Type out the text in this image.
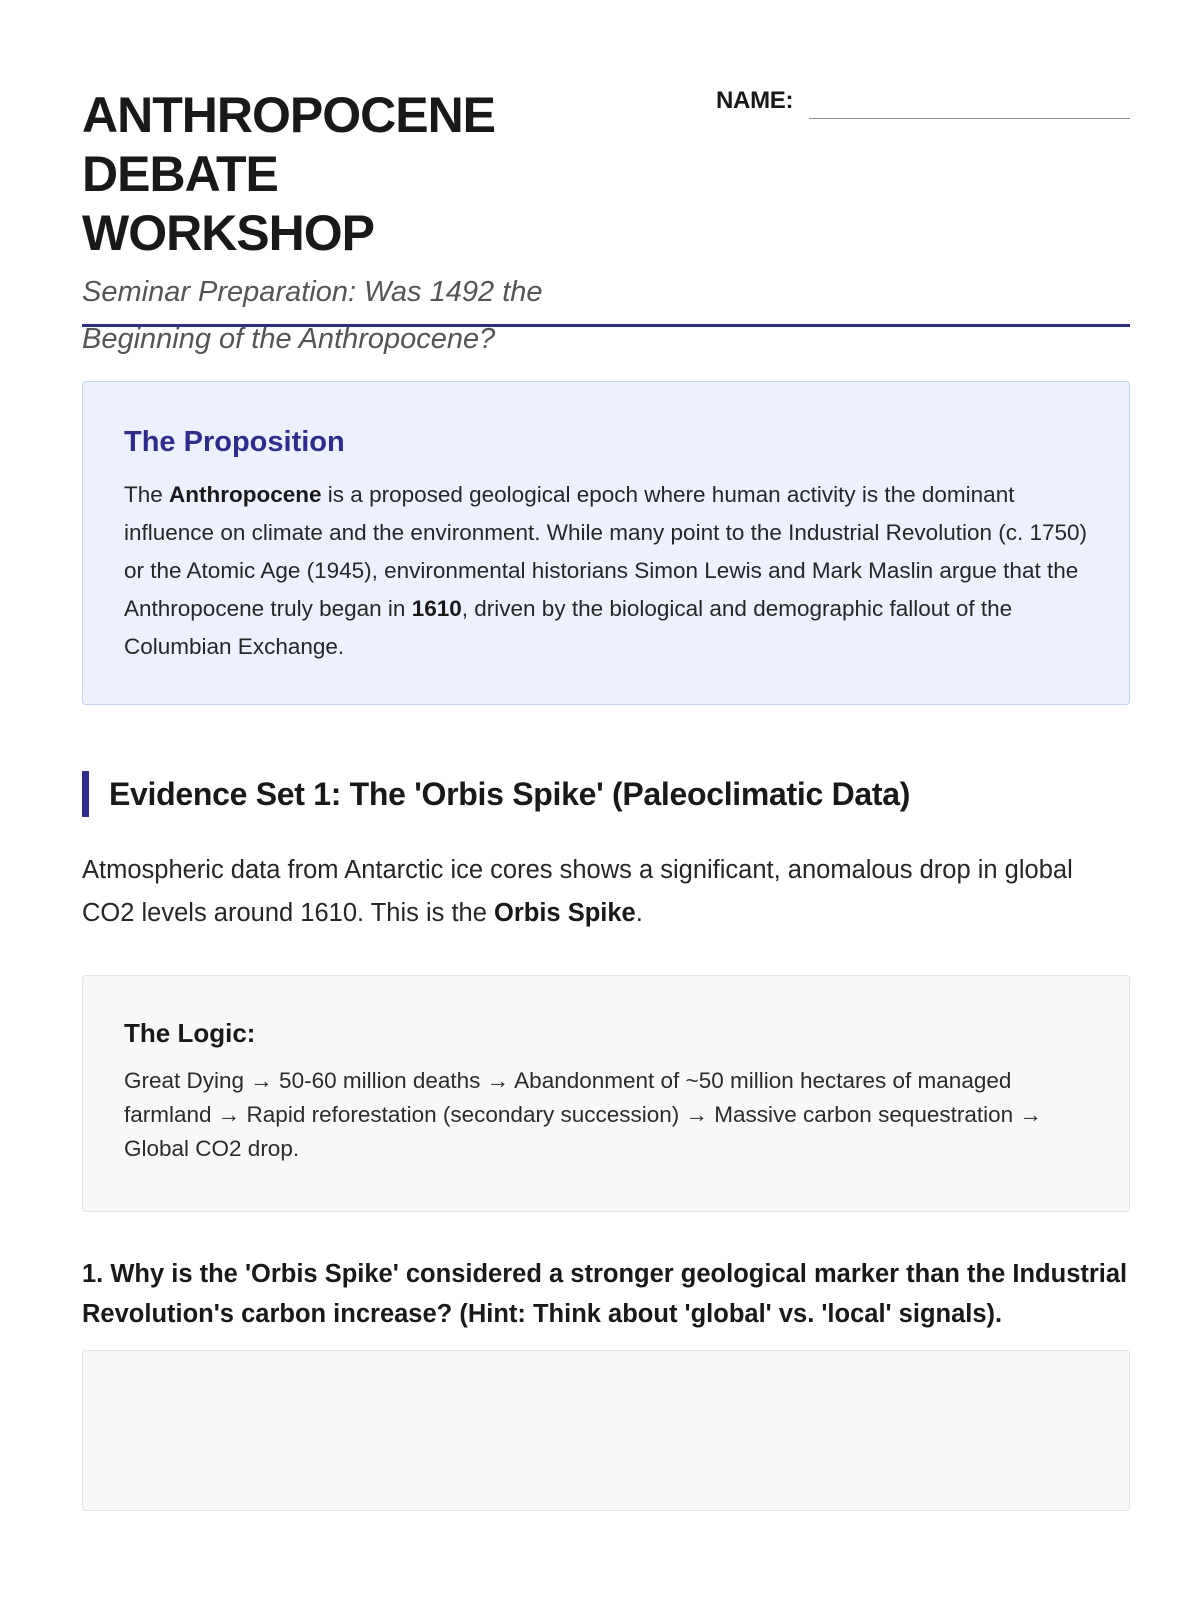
ANTHROPOCENE DEBATE
WORKSHOP
Seminar Preparation: Was 1492 the Beginning of the Anthropocene?
NAME:
The Proposition

The Anthropocene is a proposed geological epoch where human activity is the dominant influence on climate and the environment. While many point to the Industrial Revolution (c. 1750) or the Atomic Age (1945), environmental historians Simon Lewis and Mark Maslin argue that the Anthropocene truly began in 1610, driven by the biological and demographic fallout of the Columbian Exchange.

Evidence Set 1: The 'Orbis Spike' (Paleoclimatic Data)

Atmospheric data from Antarctic ice cores shows a significant, anomalous drop in global CO2 levels around 1610. This is the Orbis Spike.

The Logic:

Great Dying → 50-60 million deaths → Abandonment of ~50 million hectares of managed farmland → Rapid reforestation (secondary succession) → Massive carbon sequestration → Global CO2 drop.

1. Why is the 'Orbis Spike' considered a stronger geological marker than the Industrial Revolution's carbon increase? (Hint: Think about 'global' vs. 'local' signals).
